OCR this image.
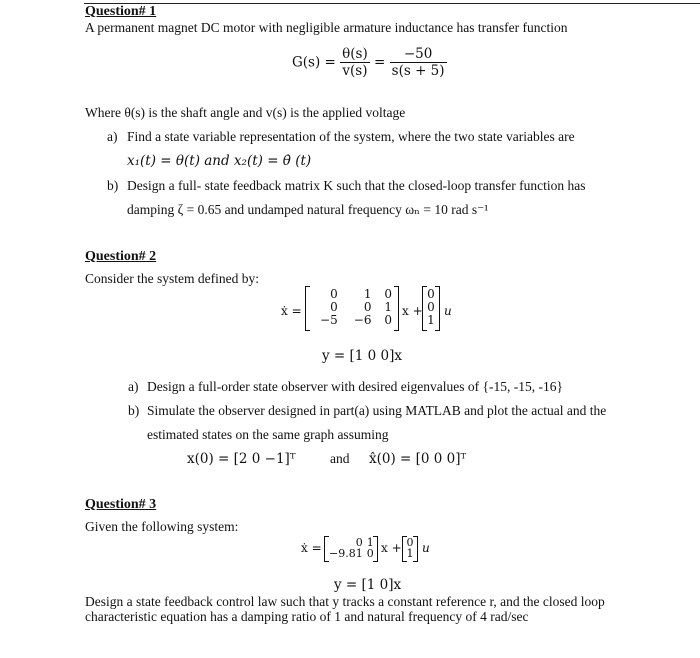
Question# 1
A permanent magnet DC motor with negligible armature inductance has transfer function
$G(s) = \frac{\theta(s)}{v(s)} = \frac{-50}{s(s + 5)}$
Where θ(s) is the shaft angle and v(s) is the applied voltage
a) Find a state variable representation of the system, where the two state variables are
x₁(t) = θ(t) and x₂(t) = θ̇ (t)
b) Design a full- state feedback matrix K such that the closed-loop transfer function has
damping ζ = 0.65 and undamped natural frequency ωₙ = 10 rad s⁻¹
Question# 2
Consider the system defined by:
ẋ =
0	1	0
0	0	1
−5	−6	0
x +
0
0
1
u
y = [1 0 0]x
a) Design a full-order state observer with desired eigenvalues of {-15, -15, -16}
b) Simulate the observer designed in part(a) using MATLAB and plot the actual and the
estimated states on the same graph assuming
x(0) = [2 0 −1]ᵀ	and x̂(0) = [0 0 0]ᵀ
Question# 3
Given the following system:
ẋ =	0	1
−9.81	0 x + 0
1 u
y = [1 0]x
Design a state feedback control law such that y tracks a constant reference r, and the closed loop
characteristic equation has a damping ratio of 1 and natural frequency of 4 rad/sec
